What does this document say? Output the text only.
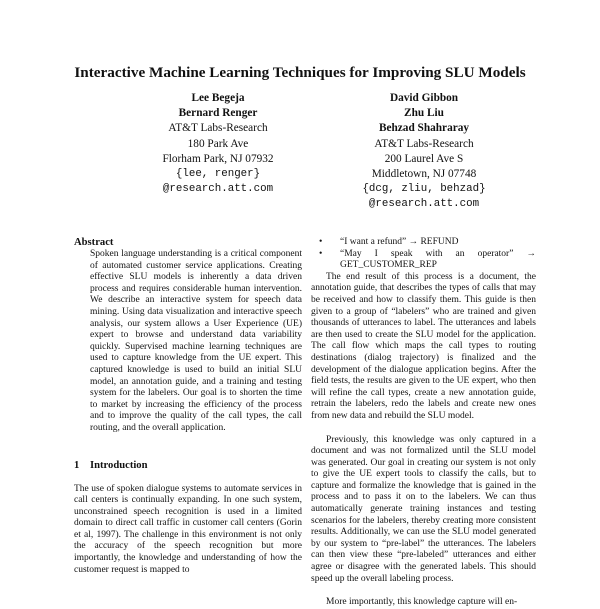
Interactive Machine Learning Techniques for Improving SLU Models
Lee Begeja
Bernard Renger
AT&T Labs-Research
180 Park Ave
Florham Park, NJ 07932
{lee, renger}
@research.att.com
David Gibbon
Zhu Liu
Behzad Shahraray
AT&T Labs-Research
200 Laurel Ave S
Middletown, NJ 07748
{dcg, zliu, behzad}
@research.att.com
Abstract

Spoken language understanding is a critical component of automated customer service applications. Creating effective SLU models is inherently a data driven process and requires considerable human intervention. We describe an interactive system for speech data mining. Using data visualization and interactive speech analysis, our system allows a User Experience (UE) expert to browse and understand data variability quickly. Supervised machine learning techniques are used to capture knowledge from the UE expert. This captured knowledge is used to build an initial SLU model, an annotation guide, and a training and testing system for the labelers. Our goal is to shorten the time to market by increasing the efficiency of the process and to improve the quality of the call types, the call routing, and the overall application.

1 Introduction

The use of spoken dialogue systems to automate services in call centers is continually expanding. In one such system, unconstrained speech recognition is used in a limited domain to direct call traffic in customer call centers (Gorin et al, 1997). The challenge in this environment is not only the accuracy of the speech recognition but more importantly, the knowledge and understanding of how the customer request is mapped to

• “I want a refund” → REFUND
• “May I speak with an operator” → GET_CUSTOMER_REP

The end result of this process is a document, the annotation guide, that describes the types of calls that may be received and how to classify them. This guide is then given to a group of “labelers” who are trained and given thousands of utterances to label. The utterances and labels are then used to create the SLU model for the application. The call flow which maps the call types to routing destinations (dialog trajectory) is finalized and the development of the dialogue application begins. After the field tests, the results are given to the UE expert, who then will refine the call types, create a new annotation guide, retrain the labelers, redo the labels and create new ones from new data and rebuild the SLU model.

Previously, this knowledge was only captured in a document and was not formalized until the SLU model was generated. Our goal in creating our system is not only to give the UE expert tools to classify the calls, but to capture and formalize the knowledge that is gained in the process and to pass it on to the labelers. We can thus automatically generate training instances and testing scenarios for the labelers, thereby creating more consistent results. Additionally, we can use the SLU model generated by our system to “pre-label” the utterances. The labelers can then view these “pre-labeled” utterances and either agree or disagree with the generated labels. This should speed up the overall labeling process.

More importantly, this knowledge capture will en-
